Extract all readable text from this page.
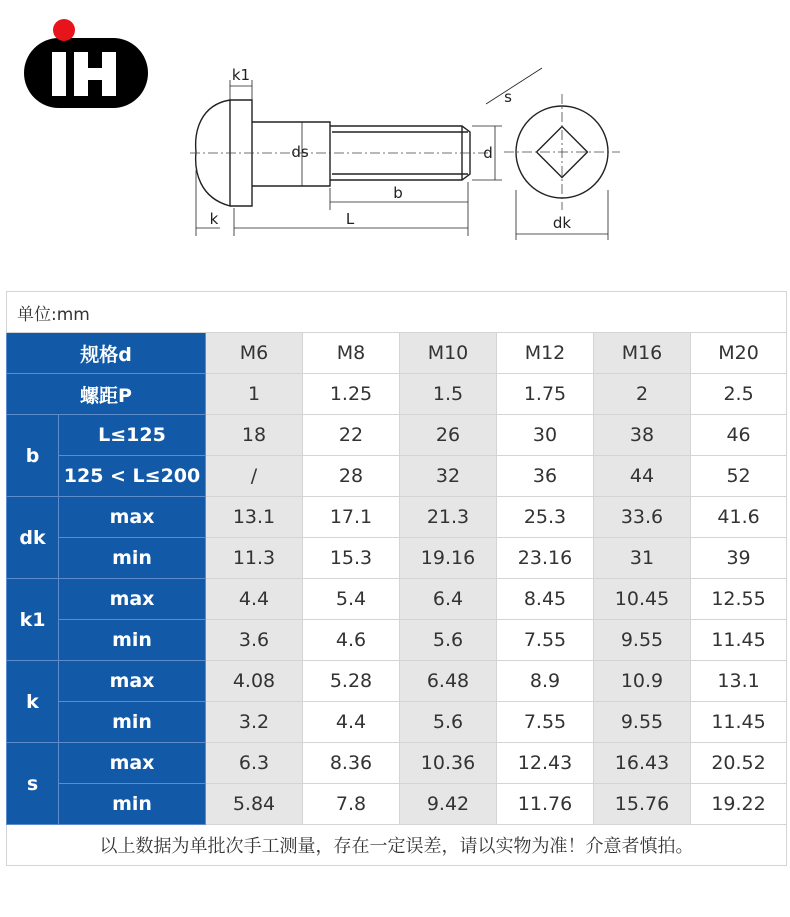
k1
ds	d
b
L
k
s
dk
单位:mm							
规格d		M6	M8	M10	M12	M16	M20
螺距P		1	1.25	1.5	1.75	2	2.5
b	L≤125	18	22	26	30	38	46
	125 < L≤200	/	28	32	36	44	52
dk	max	13.1	17.1	21.3	25.3	33.6	41.6
	min	11.3	15.3	19.16	23.16	31	39
k1	max	4.4	5.4	6.4	8.45	10.45	12.55
	min	3.6	4.6	5.6	7.55	9.55	11.45
k	max	4.08	5.28	6.48	8.9	10.9	13.1
	min	3.2	4.4	5.6	7.55	9.55	11.45
s	max	6.3	8.36	10.36	12.43	16.43	20.52
	min	5.84	7.8	9.42	11.76	15.76	19.22
以上数据为单批次手工测量，存在一定误差，请以实物为准！介意者慎拍。							
